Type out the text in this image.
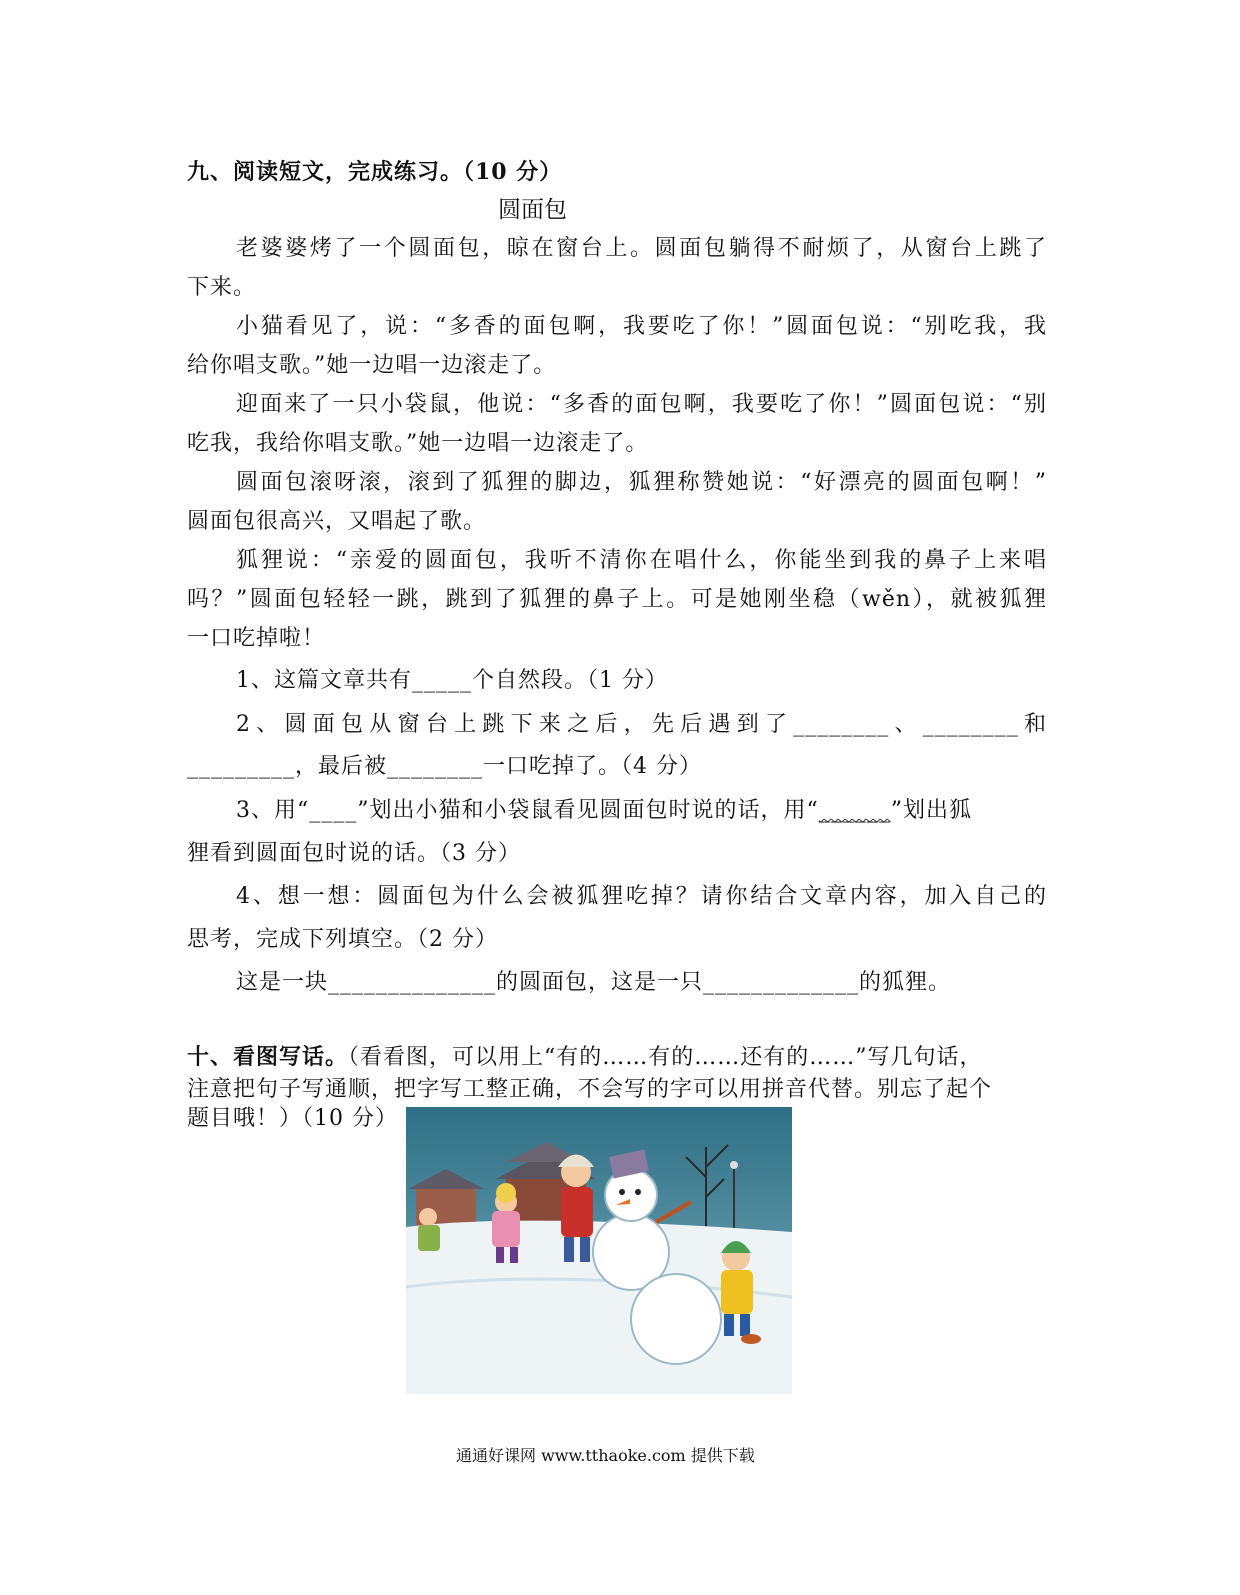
九、阅读短文，完成练习。（10 分）
圆面包
老婆婆烤了一个圆面包，晾在窗台上。圆面包躺得不耐烦了，从窗台上跳了
下来。
小猫看见了，说：“多香的面包啊，我要吃了你！”圆面包说：“别吃我，我
给你唱支歌。”她一边唱一边滚走了。
迎面来了一只小袋鼠，他说：“多香的面包啊，我要吃了你！”圆面包说：“别
吃我，我给你唱支歌。”她一边唱一边滚走了。
圆面包滚呀滚，滚到了狐狸的脚边，狐狸称赞她说：“好漂亮的圆面包啊！”
圆面包很高兴，又唱起了歌。
狐狸说：“亲爱的圆面包，我听不清你在唱什么，你能坐到我的鼻子上来唱
吗？”圆面包轻轻一跳，跳到了狐狸的鼻子上。可是她刚坐稳（wěn），就被狐狸
一口吃掉啦！
1、这篇文章共有_____个自然段。（1 分）
2、圆面包从窗台上跳下来之后，先后遇到了________、________和
_________，最后被________一口吃掉了。（4 分）
3、用“____”划出小猫和小袋鼠看见圆面包时说的话，用“______”划出狐
狸看到圆面包时说的话。（3 分）
4、想一想：圆面包为什么会被狐狸吃掉？请你结合文章内容，加入自己的
思考，完成下列填空。（2 分）
这是一块______________的圆面包，这是一只_____________的狐狸。
十、看图写话。（看看图，可以用上“有的……有的……还有的……”写几句话，
注意把句子写通顺，把字写工整正确，不会写的字可以用拼音代替。别忘了起个
题目哦！）（10 分）
通通好课网 www.tthaoke.com 提供下载
